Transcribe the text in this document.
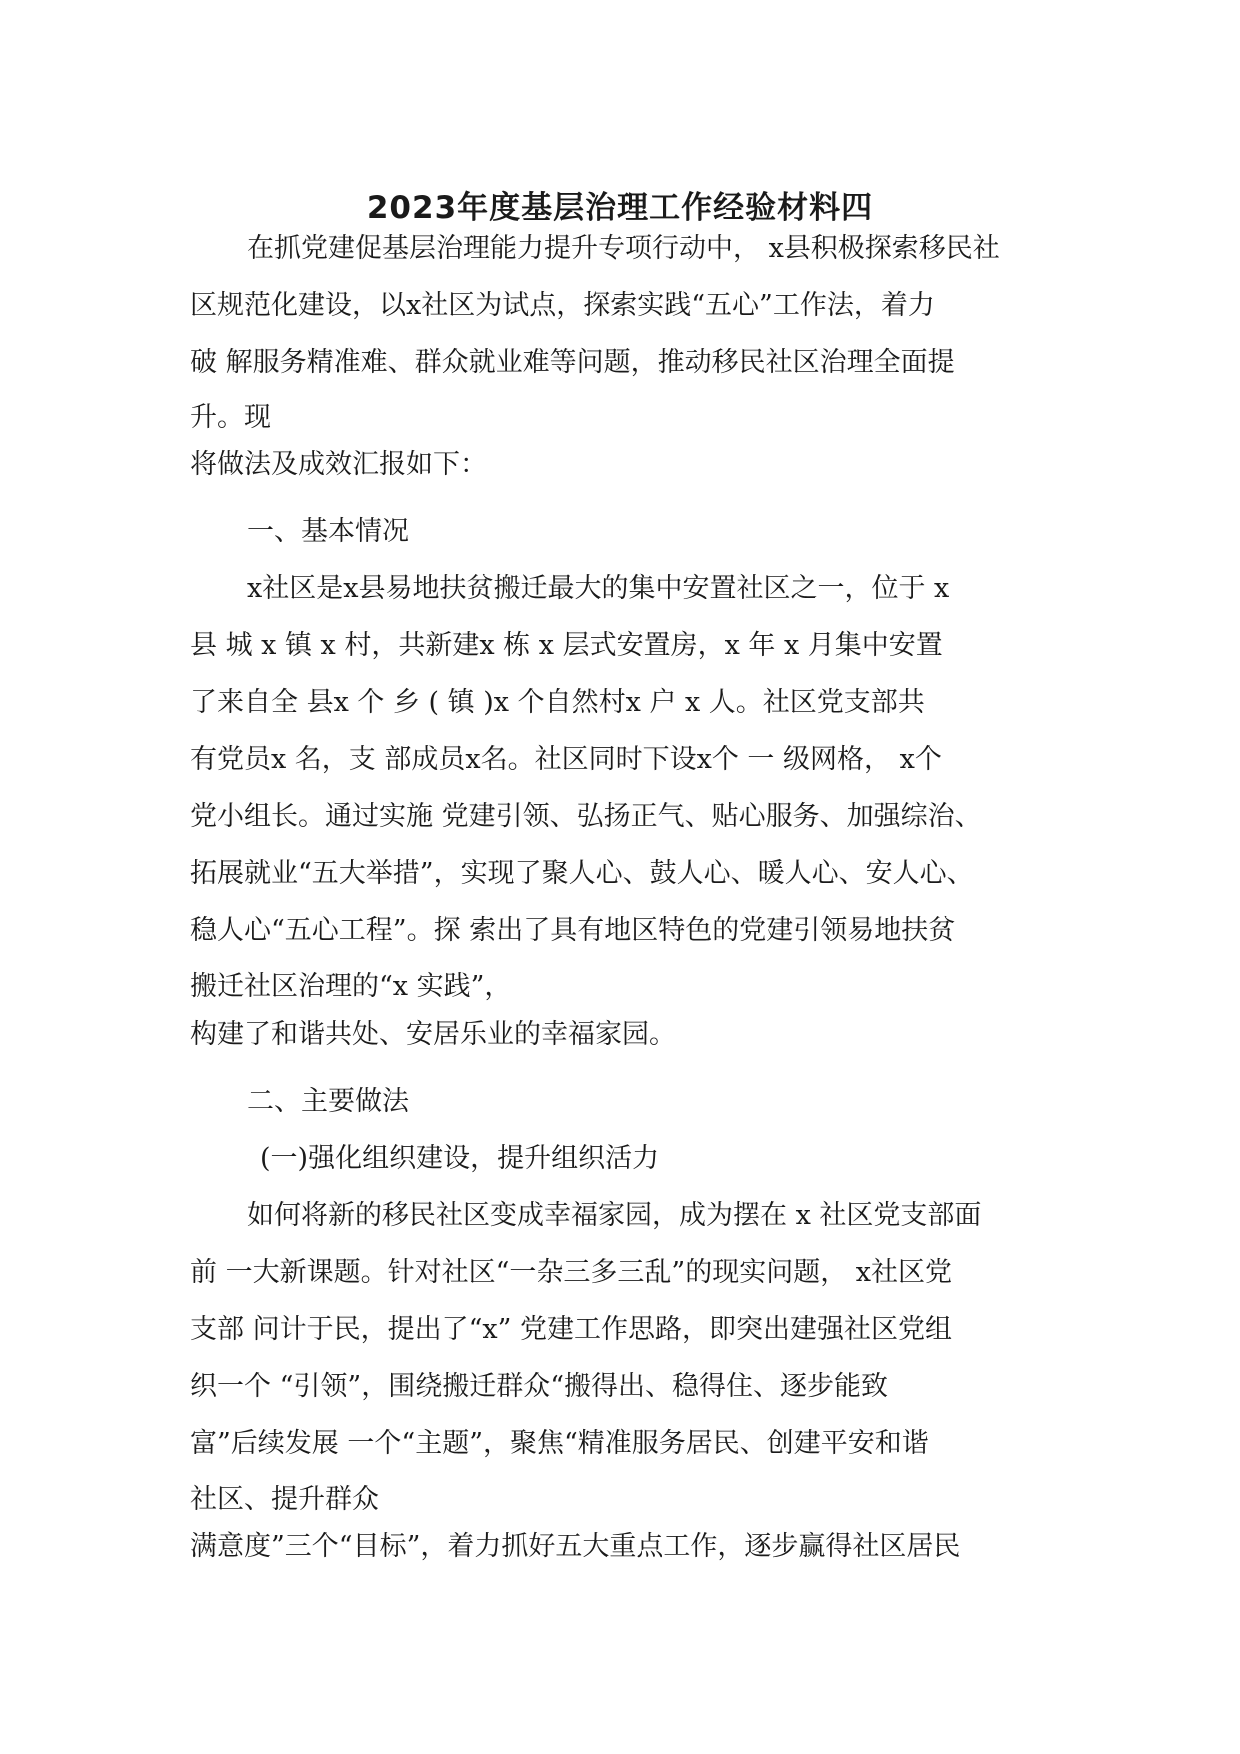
2023年度基层治理工作经验材料四

在抓党建促基层治理能力提升专项行动中， x县积极探索移民社

区规范化建设，以x社区为试点，探索实践“五心”工作法，着力

破 解服务精准难、群众就业难等问题，推动移民社区治理全面提

升。现

将做法及成效汇报如下：

一、基本情况

x社区是x县易地扶贫搬迁最大的集中安置社区之一，位于 x

县 城 x 镇 x 村，共新建x 栋 x 层式安置房，x 年 x 月集中安置

了来自全 县x 个 乡 ( 镇 )x 个自然村x 户 x 人。社区党支部共

有党员x 名，支 部成员x名。社区同时下设x个 一 级网格， x个

党小组长。通过实施 党建引领、弘扬正气、贴心服务、加强综治、

拓展就业“五大举措”，实现了聚人心、鼓人心、暖人心、安人心、

稳人心“五心工程”。探 索出了具有地区特色的党建引领易地扶贫

搬迁社区治理的“x 实践”，

构建了和谐共处、安居乐业的幸福家园。

二、主要做法

(一)强化组织建设，提升组织活力

如何将新的移民社区变成幸福家园，成为摆在 x 社区党支部面

前 一大新课题。针对社区“一杂三多三乱”的现实问题， x社区党

支部 问计于民，提出了“x” 党建工作思路，即突出建强社区党组

织一个 “引领”，围绕搬迁群众“搬得出、稳得住、逐步能致

富”后续发展 一个“主题”，聚焦“精准服务居民、创建平安和谐

社区、提升群众

满意度”三个“目标”，着力抓好五大重点工作，逐步赢得社区居民
